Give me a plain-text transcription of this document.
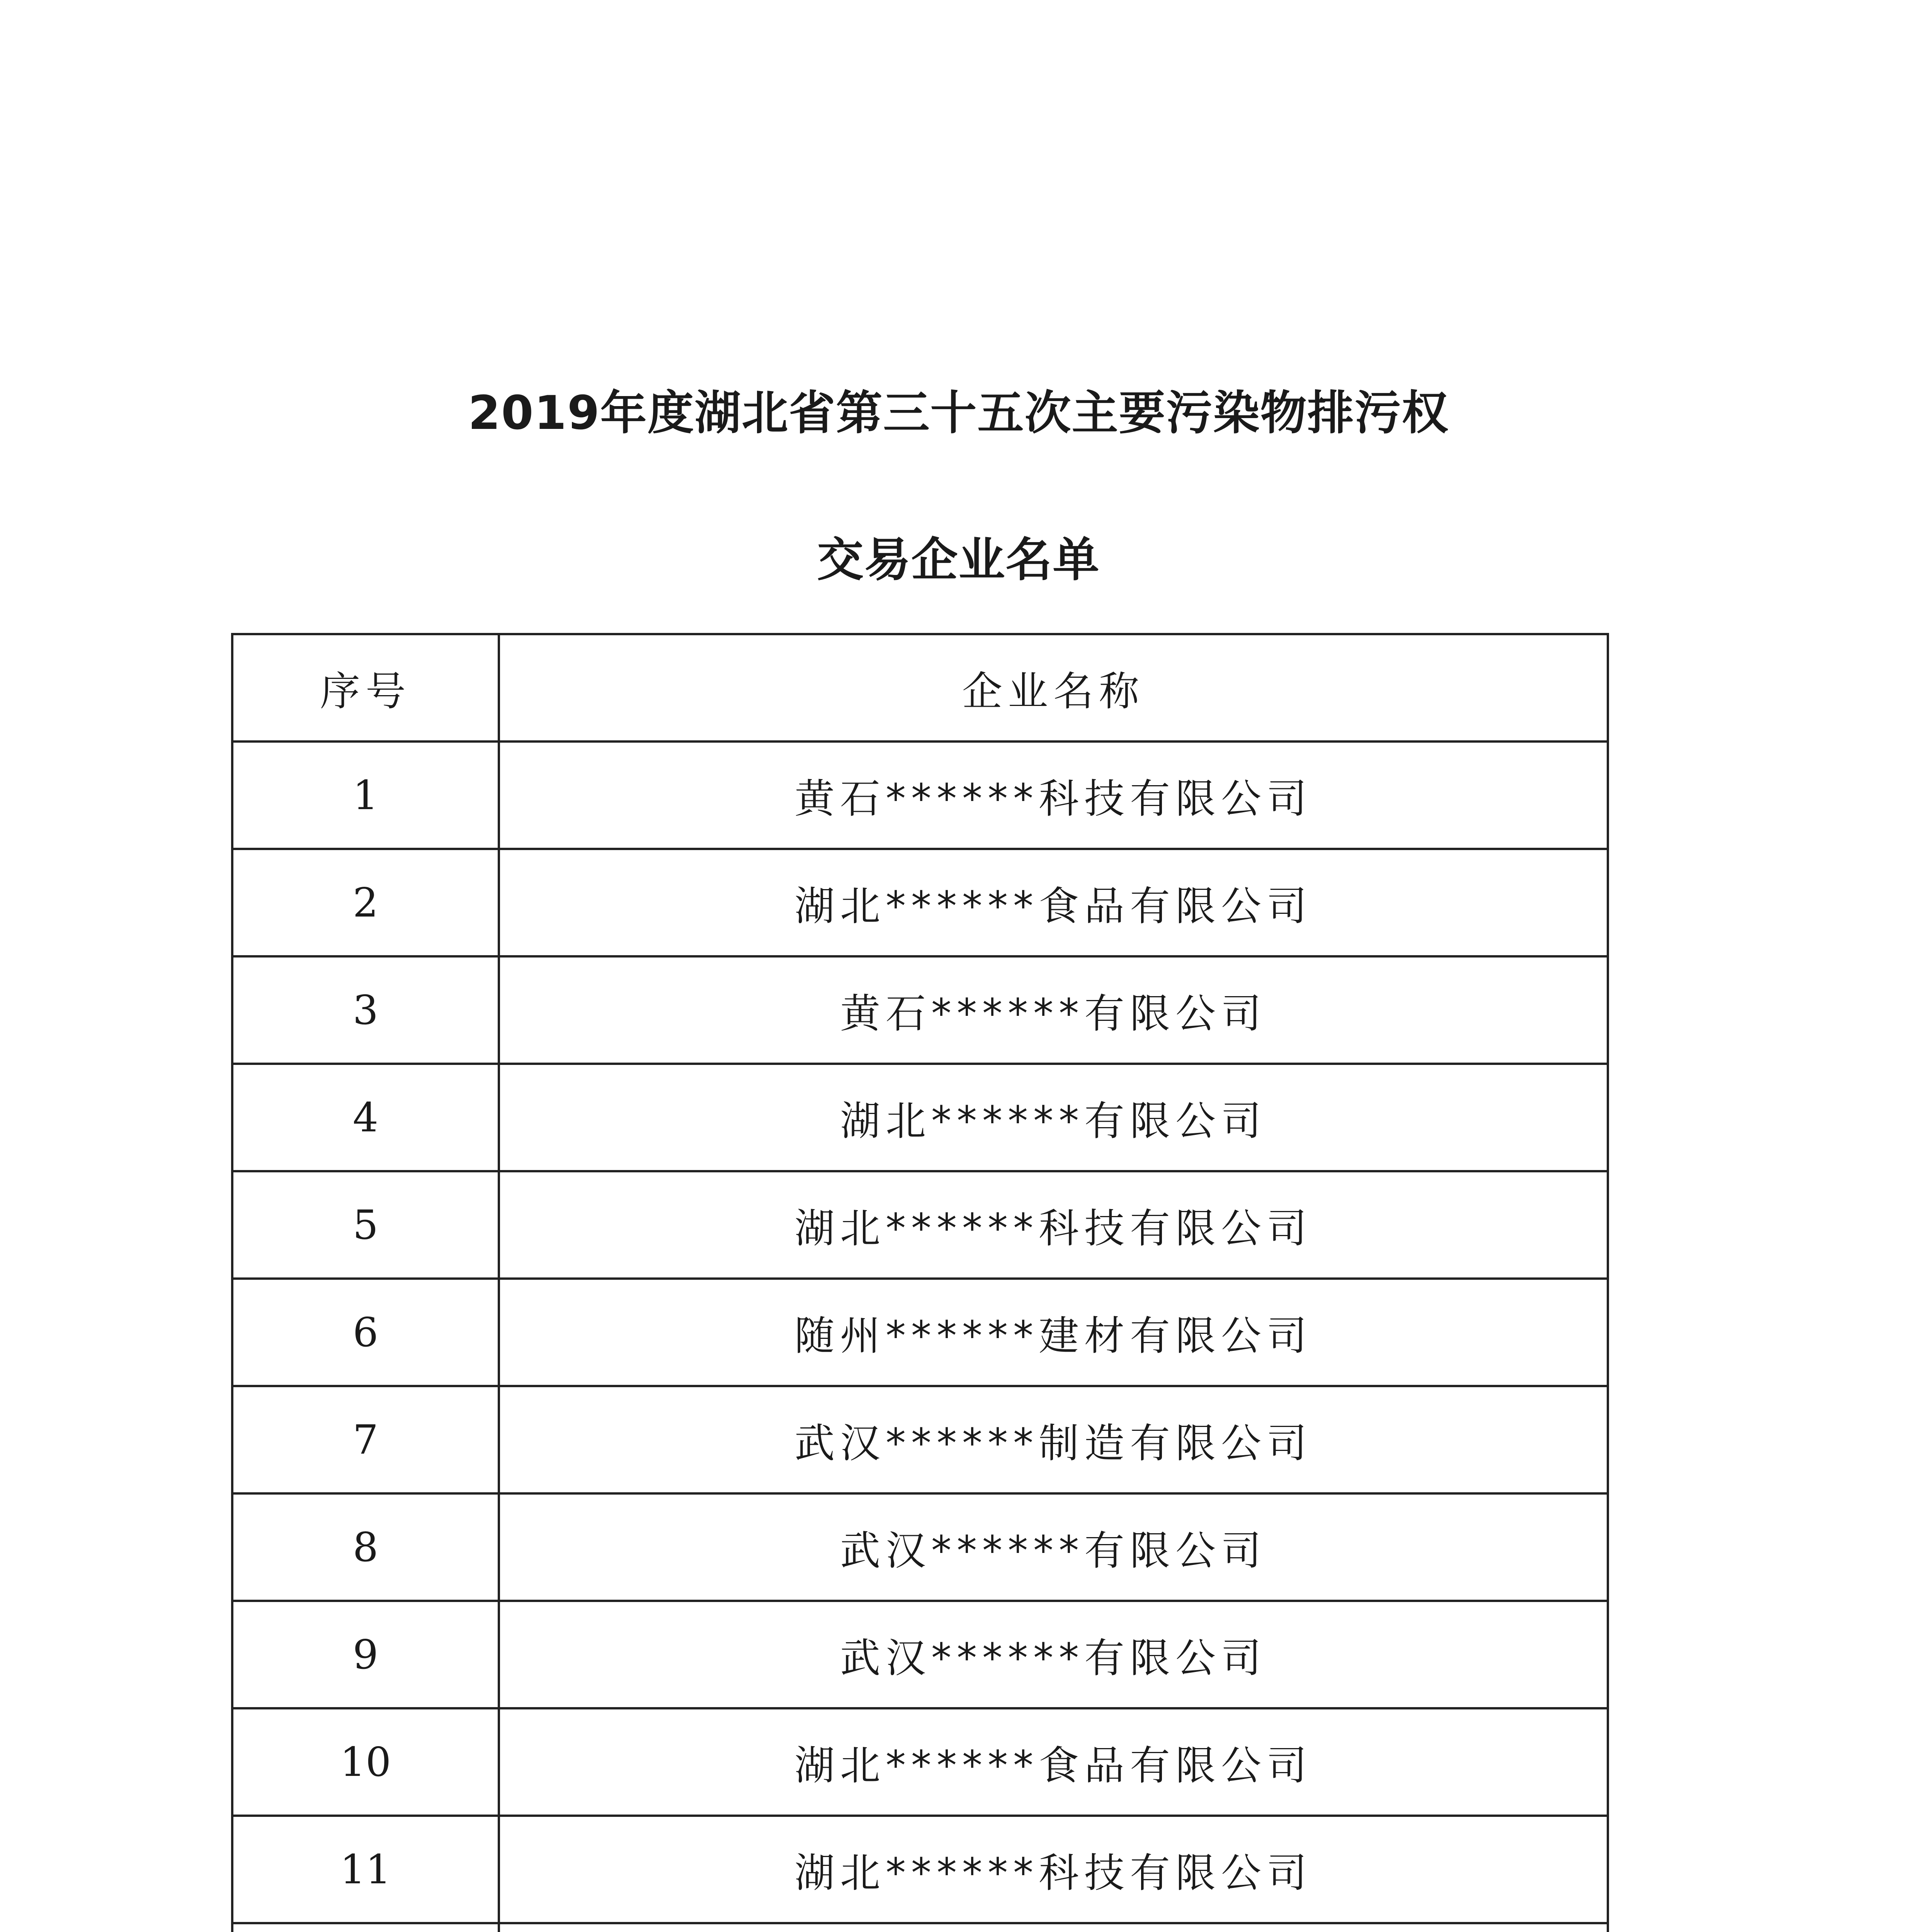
2019年度湖北省第三十五次主要污染物排污权
交易企业名单
序号	企业名称
1	黄石******科技有限公司
2	湖北******食品有限公司
3	黄石******有限公司
4	湖北******有限公司
5	湖北******科技有限公司
6	随州******建材有限公司
7	武汉******制造有限公司
8	武汉******有限公司
9	武汉******有限公司
10	湖北******食品有限公司
11	湖北******科技有限公司
